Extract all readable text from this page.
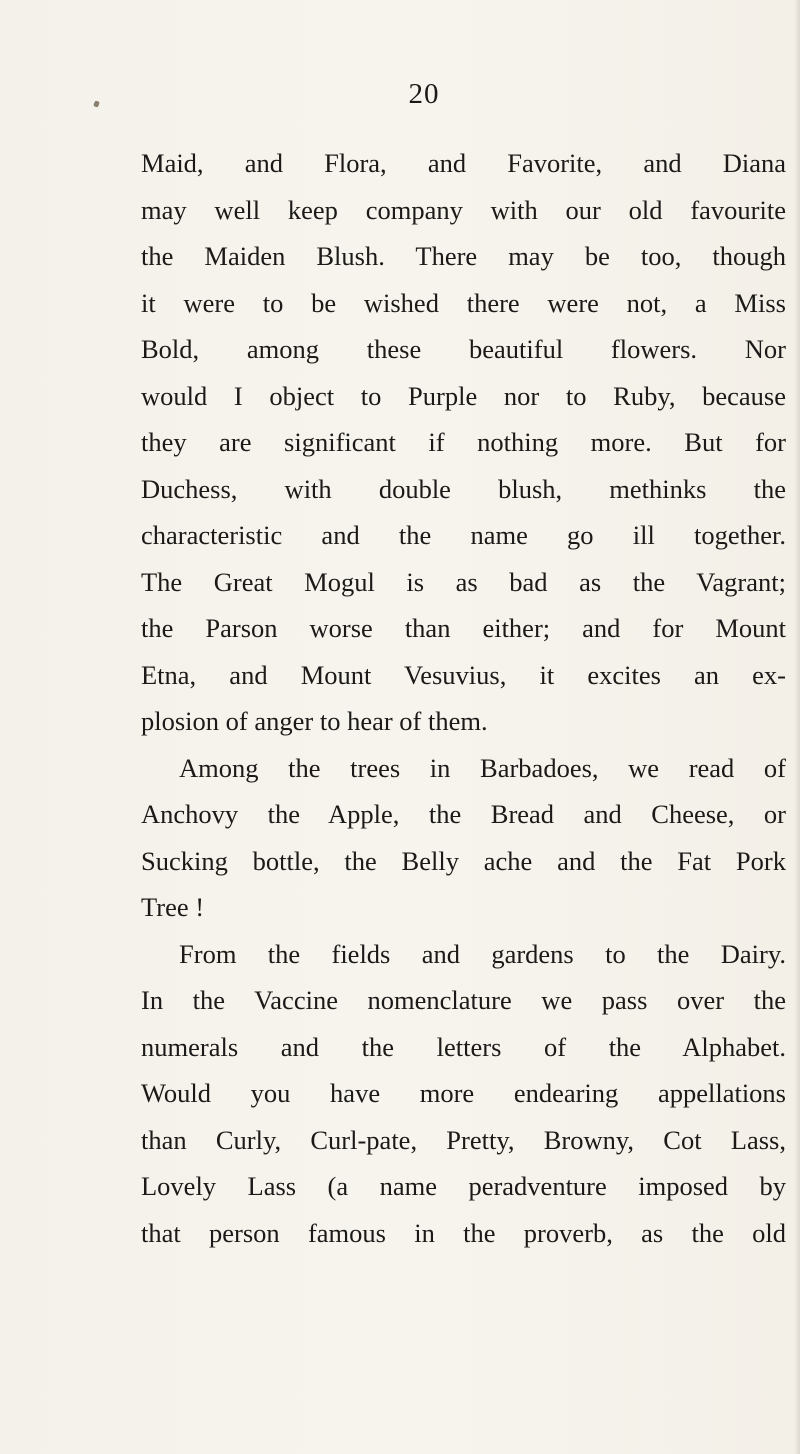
20
Maid, and Flora, and Favorite, and Diana
may well keep company with our old favourite
the Maiden Blush. There may be too, though
it were to be wished there were not, a Miss
Bold, among these beautiful flowers. Nor
would I object to Purple nor to Ruby, because
they are significant if nothing more. But for
Duchess, with double blush, methinks the
characteristic and the name go ill together.
The Great Mogul is as bad as the Vagrant;
the Parson worse than either; and for Mount
Etna, and Mount Vesuvius, it excites an ex-
plosion of anger to hear of them.
Among the trees in Barbadoes, we read of
Anchovy the Apple, the Bread and Cheese, or
Sucking bottle, the Belly ache and the Fat Pork
Tree !
From the fields and gardens to the Dairy.
In the Vaccine nomenclature we pass over the
numerals and the letters of the Alphabet.
Would you have more endearing appellations
than Curly, Curl-pate, Pretty, Browny, Cot Lass,
Lovely Lass (a name peradventure imposed by
that person famous in the proverb, as the old
